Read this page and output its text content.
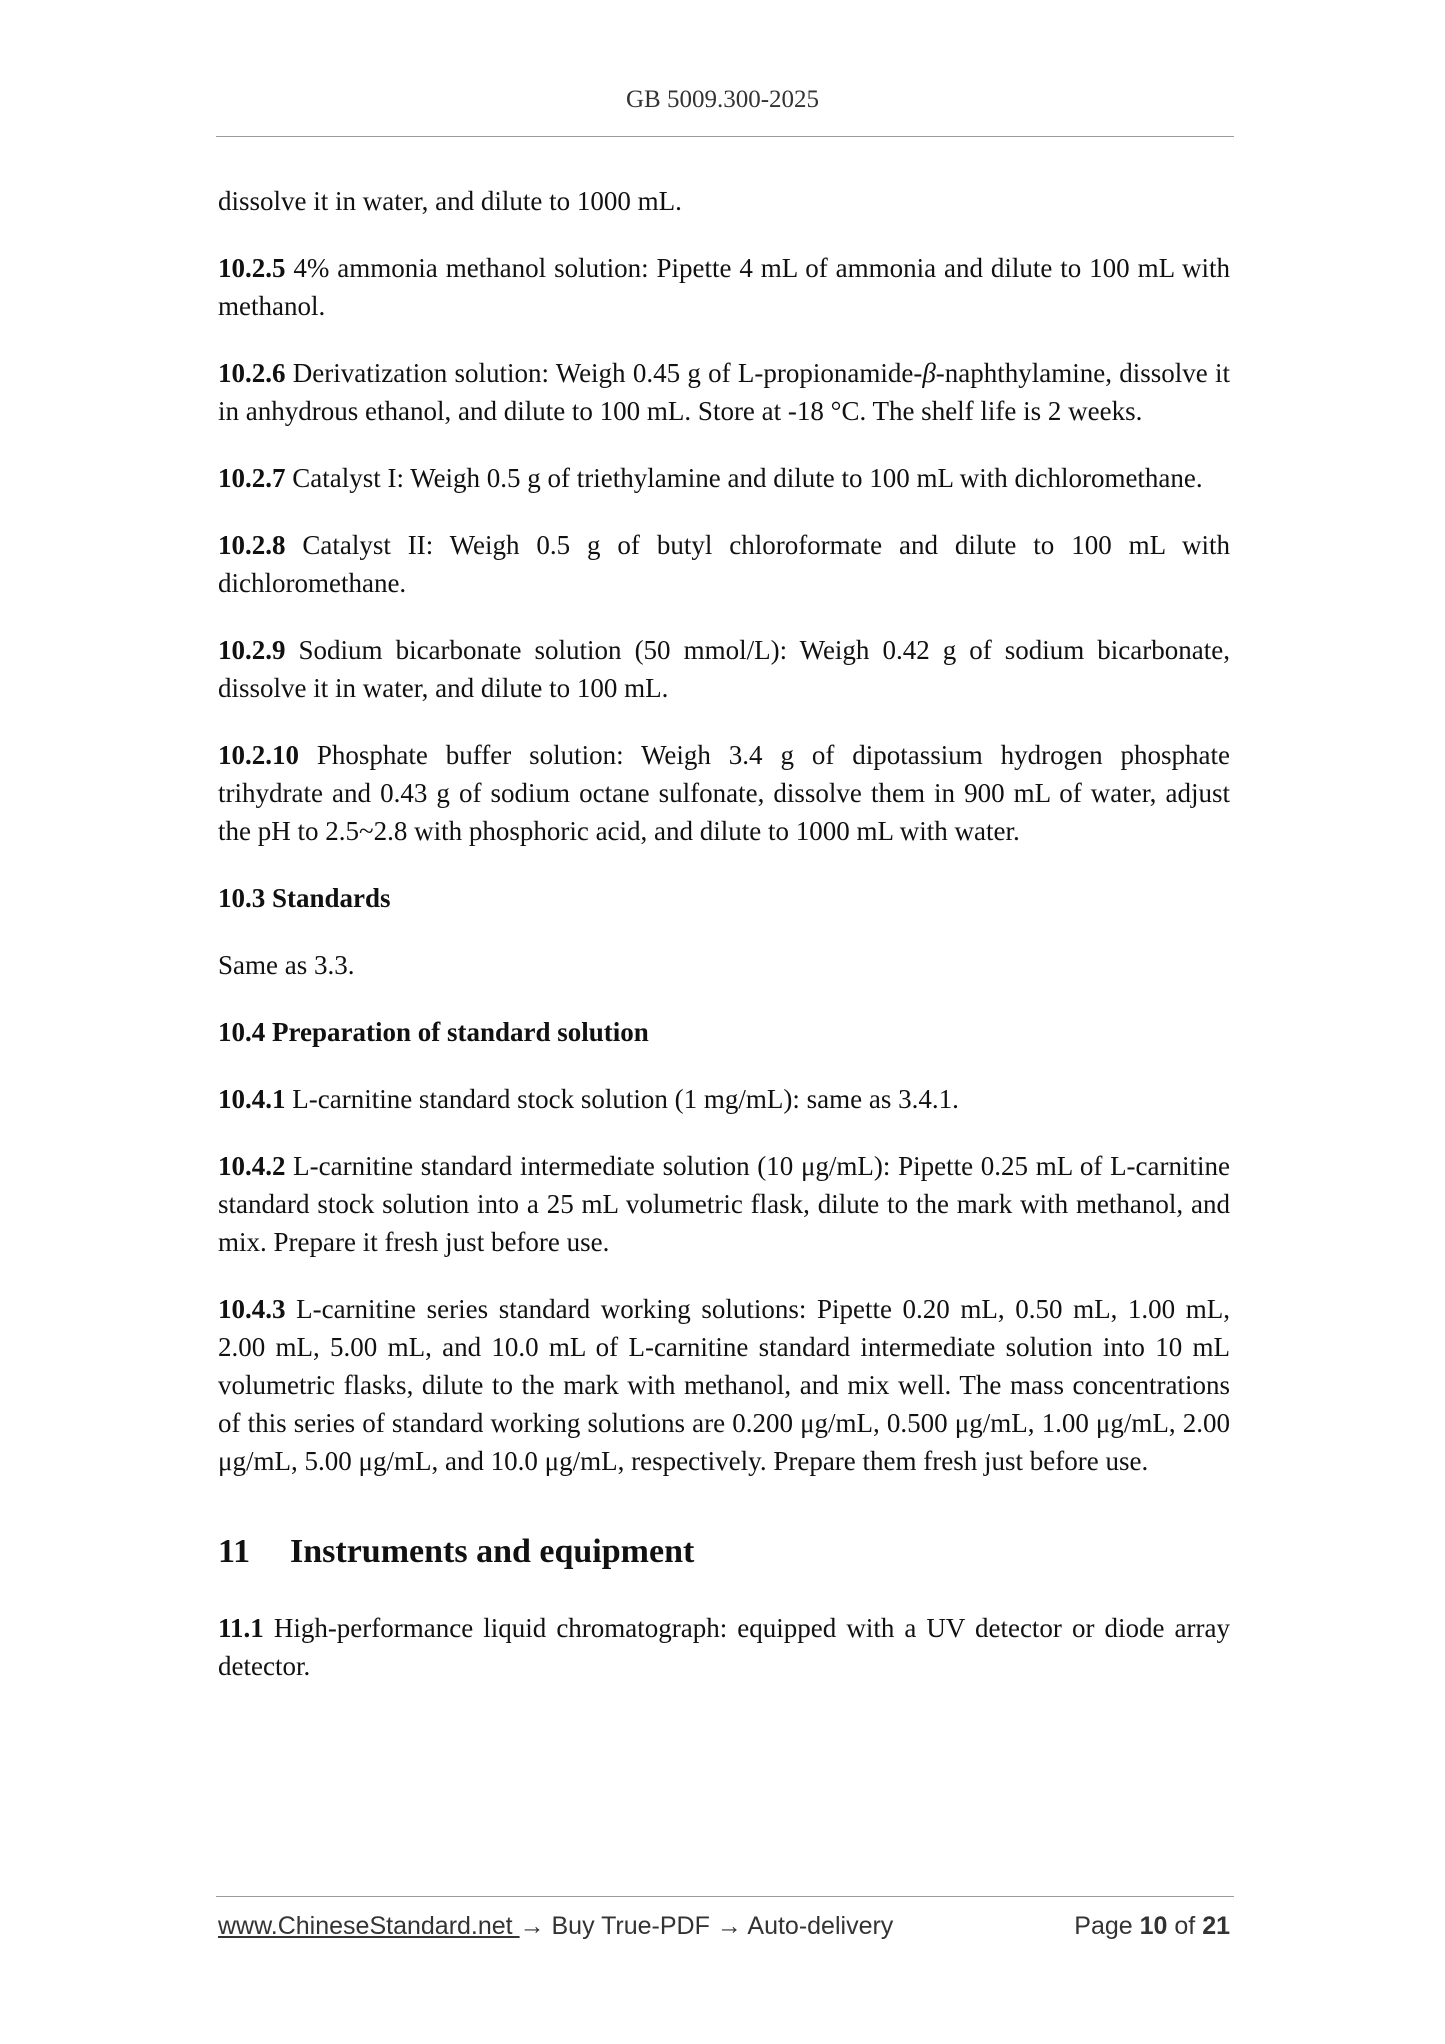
GB 5009.300-2025

dissolve it in water, and dilute to 1000 mL.

10.2.5 4% ammonia methanol solution: Pipette 4 mL of ammonia and dilute to 100 mL with methanol.

10.2.6 Derivatization solution: Weigh 0.45 g of L-propionamide-β-naphthylamine, dissolve it in anhydrous ethanol, and dilute to 100 mL. Store at -18 °C. The shelf life is 2 weeks.

10.2.7 Catalyst I: Weigh 0.5 g of triethylamine and dilute to 100 mL with dichloromethane.

10.2.8 Catalyst II: Weigh 0.5 g of butyl chloroformate and dilute to 100 mL with dichloromethane.

10.2.9 Sodium bicarbonate solution (50 mmol/L): Weigh 0.42 g of sodium bicarbonate, dissolve it in water, and dilute to 100 mL.

10.2.10 Phosphate buffer solution: Weigh 3.4 g of dipotassium hydrogen phosphate trihydrate and 0.43 g of sodium octane sulfonate, dissolve them in 900 mL of water, adjust the pH to 2.5~2.8 with phosphoric acid, and dilute to 1000 mL with water.

10.3 Standards

Same as 3.3.

10.4 Preparation of standard solution

10.4.1 L-carnitine standard stock solution (1 mg/mL): same as 3.4.1.

10.4.2 L-carnitine standard intermediate solution (10 μg/mL): Pipette 0.25 mL of L-carnitine standard stock solution into a 25 mL volumetric flask, dilute to the mark with methanol, and mix. Prepare it fresh just before use.

10.4.3 L-carnitine series standard working solutions: Pipette 0.20 mL, 0.50 mL, 1.00 mL, 2.00 mL, 5.00 mL, and 10.0 mL of L-carnitine standard intermediate solution into 10 mL volumetric flasks, dilute to the mark with methanol, and mix well. The mass concentrations of this series of standard working solutions are 0.200 μg/mL, 0.500 μg/mL, 1.00 μg/mL, 2.00 μg/mL, 5.00 μg/mL, and 10.0 μg/mL, respectively. Prepare them fresh just before use.

11 Instruments and equipment

11.1 High-performance liquid chromatograph: equipped with a UV detector or diode array detector.

www.ChineseStandard.net → Buy True-PDF → Auto-delivery	Page 10 of 21
